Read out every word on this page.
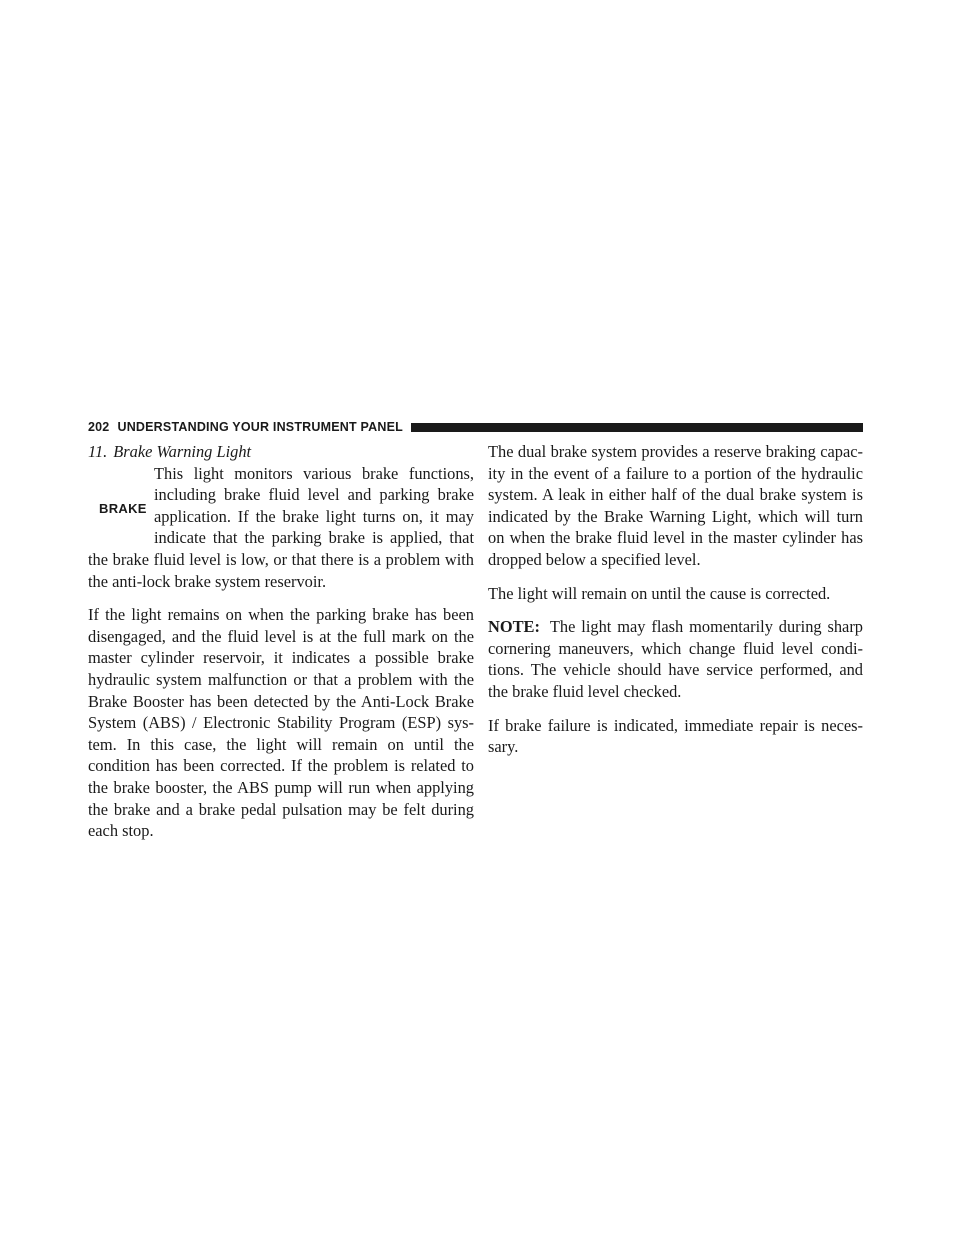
202 UNDERSTANDING YOUR INSTRUMENT PANEL
11. Brake Warning Light

BRAKE
This light monitors various brake functions, including brake fluid level and parking brake application. If the brake light turns on, it may indicate that the parking brake is applied, that the brake fluid level is low, or that there is a problem with the anti-lock brake system reservoir.

If the light remains on when the parking brake has been disengaged, and the fluid level is at the full mark on the master cylinder reservoir, it indicates a possible brake hydraulic system malfunction or that a problem with the Brake Booster has been detected by the Anti-Lock Brake System (ABS) / Electronic Stability Program (ESP) system. In this case, the light will remain on until the condition has been corrected. If the problem is related to the brake booster, the ABS pump will run when applying the brake and a brake pedal pulsation may be felt during each stop.

The dual brake system provides a reserve braking capacity in the event of a failure to a portion of the hydraulic system. A leak in either half of the dual brake system is indicated by the Brake Warning Light, which will turn on when the brake fluid level in the master cylinder has dropped below a specified level.

The light will remain on until the cause is corrected.

NOTE: The light may flash momentarily during sharp cornering maneuvers, which change fluid level conditions. The vehicle should have service performed, and the brake fluid level checked.

If brake failure is indicated, immediate repair is necessary.
